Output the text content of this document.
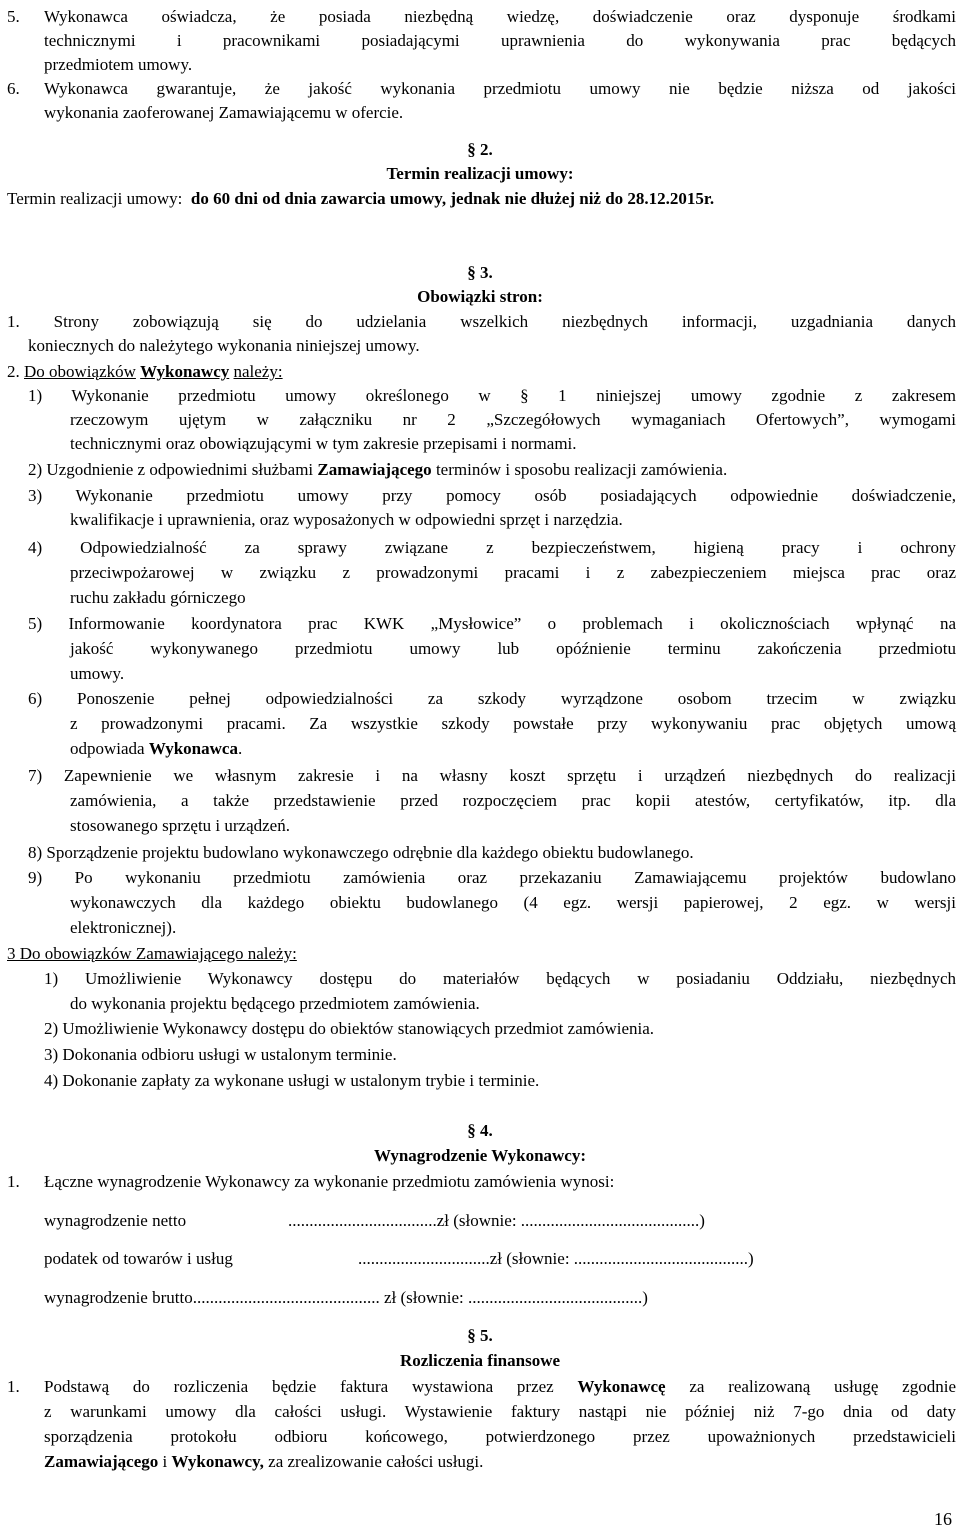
5. Wykonawca oświadcza, że posiada niezbędną wiedzę, doświadczenie oraz dysponuje środkami
technicznymi i pracownikami posiadającymi uprawnienia do wykonywania prac będących
przedmiotem umowy.
6. Wykonawca gwarantuje, że jakość wykonania przedmiotu umowy nie będzie niższa od jakości
wykonania zaoferowanej Zamawiającemu w ofercie.
§ 2.
Termin realizacji umowy:
Termin realizacji umowy: do 60 dni od dnia zawarcia umowy, jednak nie dłużej niż do 28.12.2015r.
§ 3.
Obowiązki stron:
1. Strony zobowiązują się do udzielania wszelkich niezbędnych informacji, uzgadniania danych
koniecznych do należytego wykonania niniejszej umowy.
2. Do obowiązków Wykonawcy należy:
1) Wykonanie przedmiotu umowy określonego w § 1 niniejszej umowy zgodnie z zakresem
rzeczowym ujętym w załączniku nr 2 „Szczegółowych wymaganiach Ofertowych”, wymogami
technicznymi oraz obowiązującymi w tym zakresie przepisami i normami.
2) Uzgodnienie z odpowiednimi służbami Zamawiającego terminów i sposobu realizacji zamówienia.
3) Wykonanie przedmiotu umowy przy pomocy osób posiadających odpowiednie doświadczenie,
kwalifikacje i uprawnienia, oraz wyposażonych w odpowiedni sprzęt i narzędzia.
4) Odpowiedzialność za sprawy związane z bezpieczeństwem, higieną pracy i ochrony
przeciwpożarowej w związku z prowadzonymi pracami i z zabezpieczeniem miejsca prac oraz
ruchu zakładu górniczego
5) Informowanie koordynatora prac KWK „Mysłowice” o problemach i okolicznościach wpłynąć na
jakość wykonywanego przedmiotu umowy lub opóźnienie terminu zakończenia przedmiotu
umowy.
6) Ponoszenie pełnej odpowiedzialności za szkody wyrządzone osobom trzecim w związku
z prowadzonymi pracami. Za wszystkie szkody powstałe przy wykonywaniu prac objętych umową
odpowiada Wykonawca.
7) Zapewnienie we własnym zakresie i na własny koszt sprzętu i urządzeń niezbędnych do realizacji
zamówienia, a także przedstawienie przed rozpoczęciem prac kopii atestów, certyfikatów, itp. dla
stosowanego sprzętu i urządzeń.
8) Sporządzenie projektu budowlano wykonawczego odrębnie dla każdego obiektu budowlanego.
9) Po wykonaniu przedmiotu zamówienia oraz przekazaniu Zamawiającemu projektów budowlano
wykonawczych dla każdego obiektu budowlanego (4 egz. wersji papierowej, 2 egz. w wersji
elektronicznej).
3 Do obowiązków Zamawiającego należy:
1) Umożliwienie Wykonawcy dostępu do materiałów będących w posiadaniu Oddziału, niezbędnych
do wykonania projektu będącego przedmiotem zamówienia.
2) Umożliwienie Wykonawcy dostępu do obiektów stanowiących przedmiot zamówienia.
3) Dokonania odbioru usługi w ustalonym terminie.
4) Dokonanie zapłaty za wykonane usługi w ustalonym trybie i terminie.
§ 4.
Wynagrodzenie Wykonawcy:
1. Łączne wynagrodzenie Wykonawcy za wykonanie przedmiotu zamówienia wynosi:
wynagrodzenie netto	...................................zł (słownie: ..........................................)
podatek od towarów i usług	...............................zł (słownie: .........................................)
wynagrodzenie brutto............................................ zł (słownie: .........................................)
§ 5.
Rozliczenia finansowe
1. Podstawą do rozliczenia będzie faktura wystawiona przez Wykonawcę za realizowaną usługę zgodnie
z warunkami umowy dla całości usługi. Wystawienie faktury nastąpi nie później niż 7-go dnia od daty
sporządzenia protokołu odbioru końcowego, potwierdzonego przez upoważnionych przedstawicieli
Zamawiającego i Wykonawcy, za zrealizowanie całości usługi.
16
